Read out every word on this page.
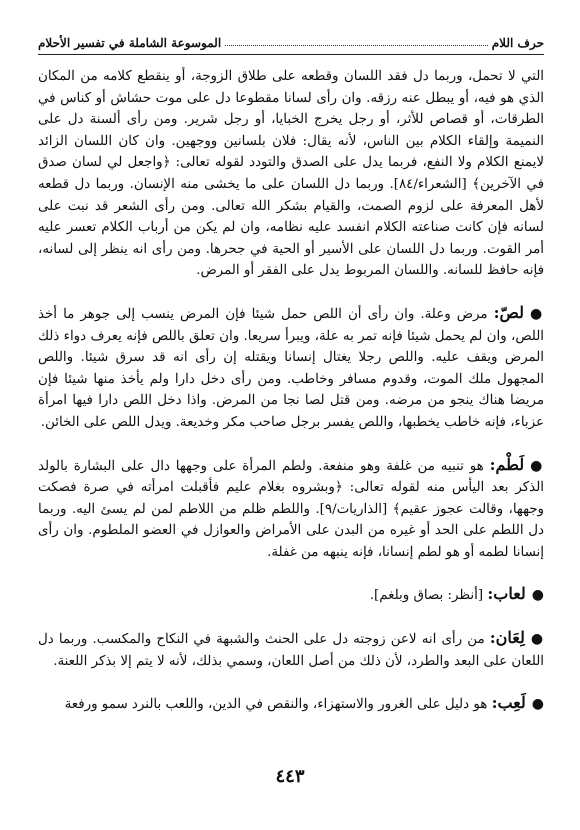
حرف اللام
الموسوعة الشاملة في تفسير الأحلام

التي لا تحمل، وربما دل فقد اللسان وقطعه على طلاق الزوجة، أو ينقطع كلامه من المكان الذي هو فيه، أو يبطل عنه رزقه. وان رأى لسانا مقطوعا دل على موت حشاش أو كناس في الطرقات، أو قصاص للأثر، أو رجل يخرج الخبايا، أو رجل شرير. ومن رأى ألسنة دل على النميمة وإلقاء الكلام بين الناس، لأنه يقال: فلان بلسانين ووجهين. وان كان اللسان الزائد لايمنع الكلام ولا النفع، فربما يدل على الصدق والتودد لقوله تعالى: ﴿واجعل لي لسان صدق في الآخرين﴾ [الشعراء/٨٤]. وربما دل اللسان على ما يخشى منه الإنسان. وربما دل قطعه لأهل المعرفة على لزوم الصمت، والقيام بشكر الله تعالى. ومن رأى الشعر قد نبت على لسانه فإن كانت صناعته الكلام انفسد عليه نظامه، وان لم يكن من أرباب الكلام تعسر عليه أمر القوت. وربما دل اللسان على الأسير أو الحية في جحرها. ومن رأى انه ينظر إلى لسانه، فإنه حافظ للسانه. واللسان المربوط يدل على الفقر أو المرض.

●لصّ: مرض وعلة. وان رأى أن اللص حمل شيئا فإن المرض ينسب إلى جوهر ما أخذ اللص، وان لم يحمل شيئا فإنه تمر به علة، ويبرأ سريعا. وان تعلق باللص فإنه يعرف دواء ذلك المرض ويقف عليه. واللص رجلا يغتال إنسانا ويقتله إن رأى انه قد سرق شيئا. واللص المجهول ملك الموت، وقدوم مسافر وخاطب. ومن رأى دخل دارا ولم يأخذ منها شيئا فإن مريضا هناك ينجو من مرضه. ومن قتل لصا نجا من المرض. واذا دخل اللص دارا فيها امرأة عزباء، فإنه خاطب يخطبها، واللص يفسر برجل صاحب مكر وخديعة. ويدل اللص على الخائن.

●لَطْم: هو تنبيه من غلفة وهو منفعة. ولطم المرأة على وجهها دال على البشارة بالولد الذكر بعد اليأس منه لقوله تعالى: ﴿وبشروه بغلام عليم فأقبلت امرأته في صرة فصكت وجهها، وقالت عجوز عقيم﴾ [الذاريات/٩]. واللطم ظلم من اللاطم لمن لم يسئ اليه. وربما دل اللطم على الحد أو غيره من البدن على الأمراض والعوازل في العضو الملطوم. وان رأى إنسانا لطمه أو هو لطم إنسانا، فإنه ينبهه من غفلة.

●لعاب: [أنظر: بصاق وبلغم].

●لِعَان: من رأى انه لاعن زوجته دل على الحنث والشبهة في النكاح والمكسب. وربما دل اللعان على البعد والطرد، لأن ذلك من أصل اللعان، وسمي بذلك، لأنه لا يتم إلا بذكر اللعنة.

●لَعِب: هو دليل على الغرور والاستهزاء، والنقص في الدين، واللعب بالنرد سمو ورفعة

٤٤٣
